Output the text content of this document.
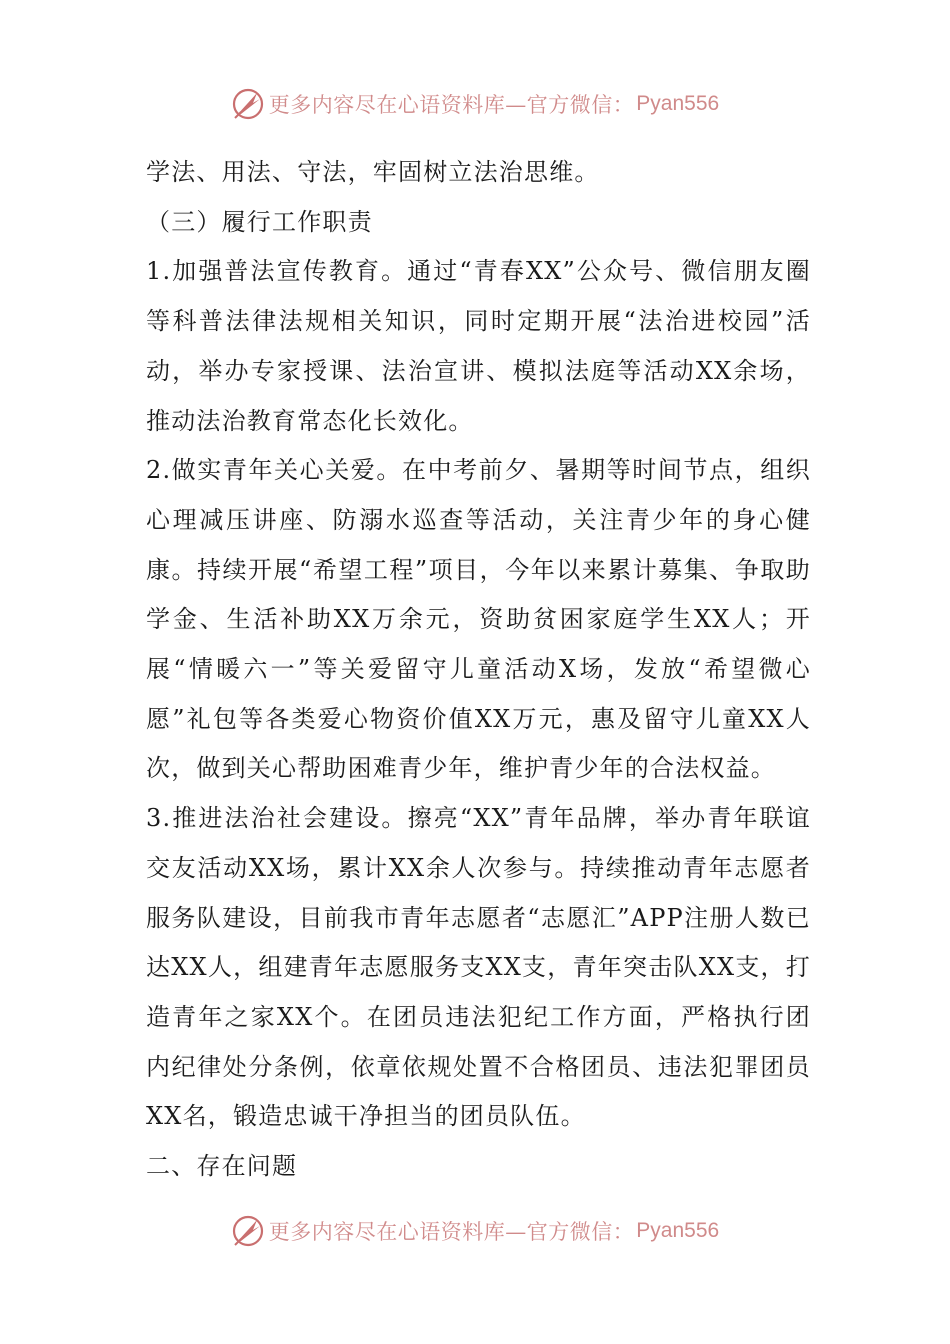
更多内容尽在心语资料库—官方微信： Pyan556

学法、用法、守法，牢固树立法治思维。

（三）履行工作职责

1.加强普法宣传教育。通过“青春XX”公众号、微信朋友圈等科普法律法规相关知识，同时定期开展“法治进校园”活动，举办专家授课、法治宣讲、模拟法庭等活动XX余场，推动法治教育常态化长效化。

2.做实青年关心关爱。在中考前夕、暑期等时间节点，组织心理减压讲座、防溺水巡查等活动，关注青少年的身心健康。持续开展“希望工程”项目，今年以来累计募集、争取助学金、生活补助XX万余元，资助贫困家庭学生XX人；开展“情暖六一”等关爱留守儿童活动X场，发放“希望微心愿”礼包等各类爱心物资价值XX万元，惠及留守儿童XX人次，做到关心帮助困难青少年，维护青少年的合法权益。

3.推进法治社会建设。擦亮“XX”青年品牌，举办青年联谊交友活动XX场，累计XX余人次参与。持续推动青年志愿者服务队建设，目前我市青年志愿者“志愿汇”APP注册人数已达XX人，组建青年志愿服务支XX支，青年突击队XX支，打造青年之家XX个。在团员违法犯纪工作方面，严格执行团内纪律处分条例，依章依规处置不合格团员、违法犯罪团员XX名，锻造忠诚干净担当的团员队伍。

二、存在问题

更多内容尽在心语资料库—官方微信： Pyan556
